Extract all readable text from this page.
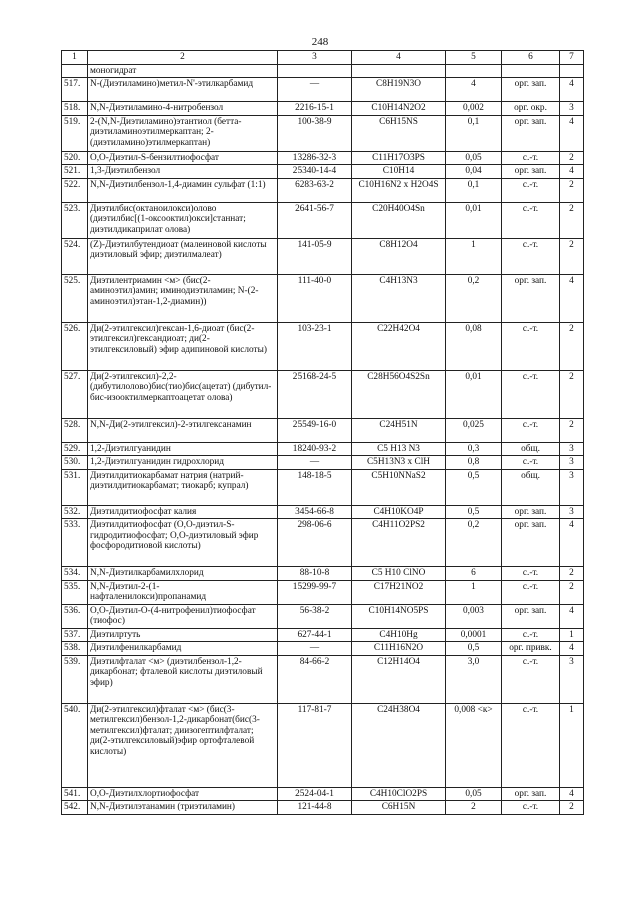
248
1	2	3	4	5	6	7
	моногидрат					
517.	N-(Диэтиламино)метил-N'-этилкарбамид	—	C8H19N3O	4	орг. зап.	4
518.	N,N-Диэтиламино-4-нитробензол	2216-15-1	C10H14N2O2	0,002	орг. окр.	3
519.	2-(N,N-Диэтиламино)этантиол (бетта-диэтиламиноэтилмеркаптан; 2-(диэтиламино)этилмеркаптан)	100-38-9	C6H15NS	0,1	орг. зап.	4
520.	O,O-Диэтил-S-бензилтиофосфат	13286-32-3	C11H17O3PS	0,05	с.-т.	2
521.	1,3-Диэтилбензол	25340-14-4	C10H14	0,04	орг. зап.	4
522.	N,N-Диэтилбензол-1,4-диамин сульфат (1:1)	6283-63-2	C10H16N2 x H2O4S	0,1	с.-т.	2
523.	Диэтилбис(октаноилокси)олово (диэтилбис[(1-оксооктил)окси]станнат; диэтилдикаприлат олова)	2641-56-7	C20H40O4Sn	0,01	с.-т.	2
524.	(Z)-Диэтилбутендиоат (малеиновой кислоты диэтиловый эфир; диэтилмалеат)	141-05-9	C8H12O4	1	с.-т.	2
525.	Диэтилентриамин <м> (бис(2-аминоэтил)амин; иминодиэтиламин; N-(2-аминоэтил)этан-1,2-диамин))	111-40-0	C4H13N3	0,2	орг. зап.	4
526.	Ди(2-этилгексил)гексан-1,6-диоат (бис(2-этилгексил)гександиоат; ди(2-этилгексиловый) эфир адипиновой кислоты)	103-23-1	C22H42O4	0,08	с.-т.	2
527.	Ди(2-этилгексил)-2,2-(дибутилолово)бис(тио)бис(ацетат) (дибутил-бис-изооктилмеркаптоацетат олова)	25168-24-5	C28H56O4S2Sn	0,01	с.-т.	2
528.	N,N-Ди(2-этилгексил)-2-этилгексанамин	25549-16-0	C24H51N	0,025	с.-т.	2
529.	1,2-Диэтилгуанидин	18240-93-2	C5 H13 N3	0,3	общ.	3
530.	1,2-Диэтилгуанидин гидрохлорид	—	C5H13N3 x ClH	0,8	с.-т.	3
531.	Диэтилдитиокарбамат натрия (натрий-диэтилдитиокарбамат; тиокарб; купрал)	148-18-5	C5H10NNaS2	0,5	общ.	3
532.	Диэтилдитиофосфат калия	3454-66-8	C4H10KO4P	0,5	орг. зап.	3
533.	Диэтилдитиофосфат (O,O-диэтил-S-гидродитиофосфат; O,O-диэтиловый эфир фосфородитиовой кислоты)	298-06-6	C4H11O2PS2	0,2	орг. зап.	4
534.	N,N-Диэтилкарбамилхлорид	88-10-8	C5 H10 ClNO	6	с.-т.	2
535.	N,N-Диэтил-2-(1-нафталенилокси)пропанамид	15299-99-7	C17H21NO2	1	с.-т.	2
536.	O,O-Диэтил-O-(4-нитрофенил)тиофосфат (тиофос)	56-38-2	C10H14NO5PS	0,003	орг. зап.	4
537.	Диэтилртуть	627-44-1	C4H10Hg	0,0001	с.-т.	1
538.	Диэтилфенилкарбамид	—	C11H16N2O	0,5	орг. привк.	4
539.	Диэтилфталат <м> (диэтилбензол-1,2-дикарбонат; фталевой кислоты диэтиловый эфир)	84-66-2	C12H14O4	3,0	с.-т.	3
540.	Ди(2-этилгексил)фталат <м> (бис(3-метилгексил)бензол-1,2-дикарбонат(бис(3-метилгексил)фталат; диизогептилфталат; ди(2-этилгексиловый)эфир ортофталевой кислоты)	117-81-7	C24H38O4	0,008 <к>	с.-т.	1
541.	O,O-Диэтилхлортиофосфат	2524-04-1	C4H10ClO2PS	0,05	орг. зап.	4
542.	N,N-Диэтилэтанамин (триэтиламин)	121-44-8	C6H15N	2	с.-т.	2
